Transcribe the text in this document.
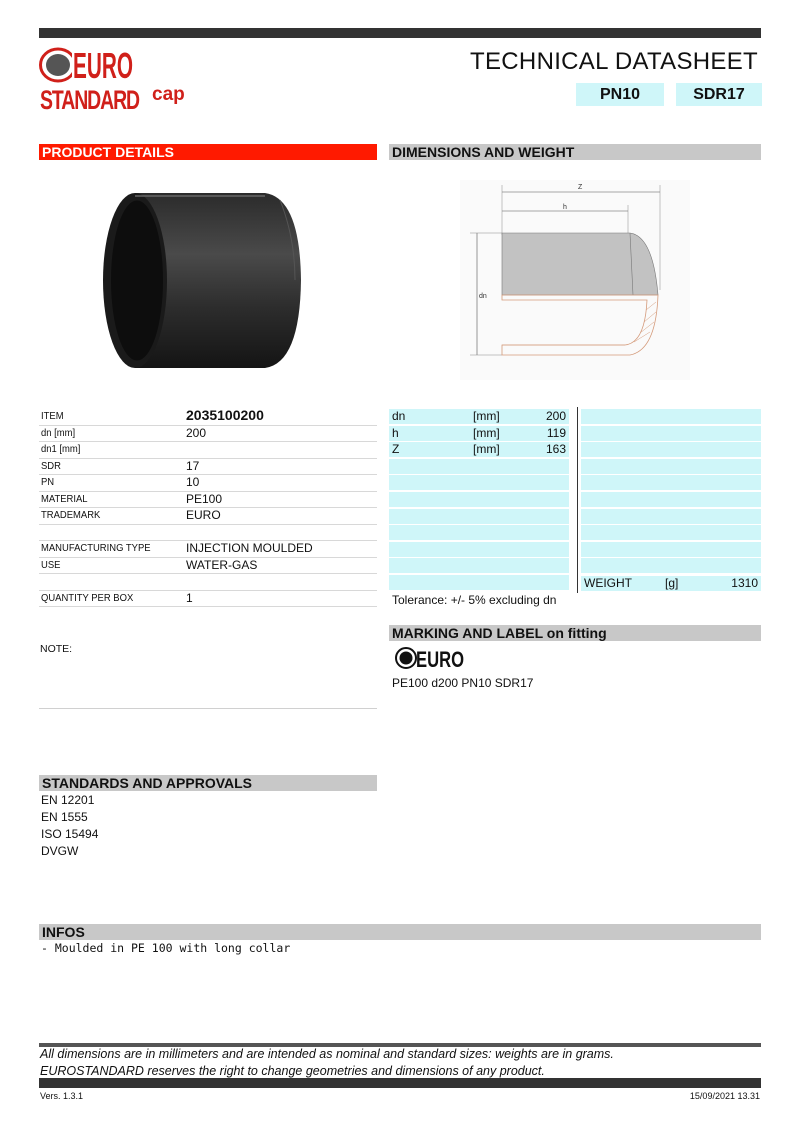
EURO
STANDARD cap
TECHNICAL DATASHEET
PN10	SDR17
PRODUCT DETAILS	DIMENSIONS AND WEIGHT
Z
h
dn
ITEM	2035100200
dn [mm]	200
dn1 [mm]
SDR	17
PN	10
MATERIAL	PE100
TRADEMARK	EURO
MANUFACTURING TYPE	INJECTION MOULDED
USE	WATER-GAS
QUANTITY PER BOX	1
NOTE:
dn	[mm]	200
h	[mm]	119
Z	[mm]	163
WEIGHT	[g]	1310
Tolerance: +/- 5% excluding dn
MARKING AND LABEL on fitting
EURO
PE100 d200 PN10 SDR17
STANDARDS AND APPROVALS
EN 12201
EN 1555
ISO 15494
DVGW
INFOS
- Moulded in PE 100 with long collar
All dimensions are in millimeters and are intended as nominal and standard sizes: weights are in grams.
EUROSTANDARD reserves the right to change geometries and dimensions of any product.
Vers. 1.3.1	15/09/2021 13.31
